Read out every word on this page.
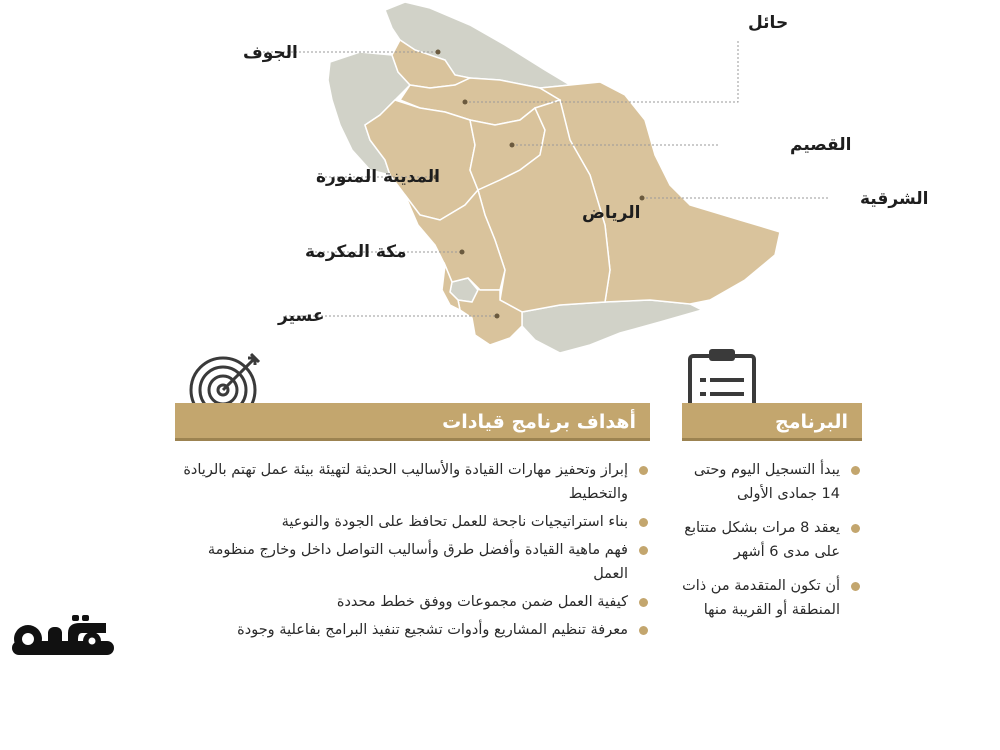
الجوف
حائل
القصيم
المدينة المنورة
الشرقية
الرياض
مكة المكرمة
عسير
أهداف برنامج قيادات	البرنامج
إبراز وتحفيز مهارات القيادة والأساليب الحديثة لتهيئة بيئة عمل تهتم بالريادة والتخطيط
بناء استراتيجيات ناجحة للعمل تحافظ على الجودة والنوعية
فهم ماهية القيادة وأفضل طرق وأساليب التواصل داخل وخارج منظومة العمل
كيفية العمل ضمن مجموعات ووفق خطط محددة
معرفة تنظيم المشاريع وأدوات تشجيع تنفيذ البرامج بفاعلية وجودة
يبدأ التسجيل اليوم وحتى 14 جمادى الأولى
يعقد 8 مرات بشكل متتابع على مدى 6 أشهر
أن تكون المتقدمة من ذات المنطقة أو القريبة منها
